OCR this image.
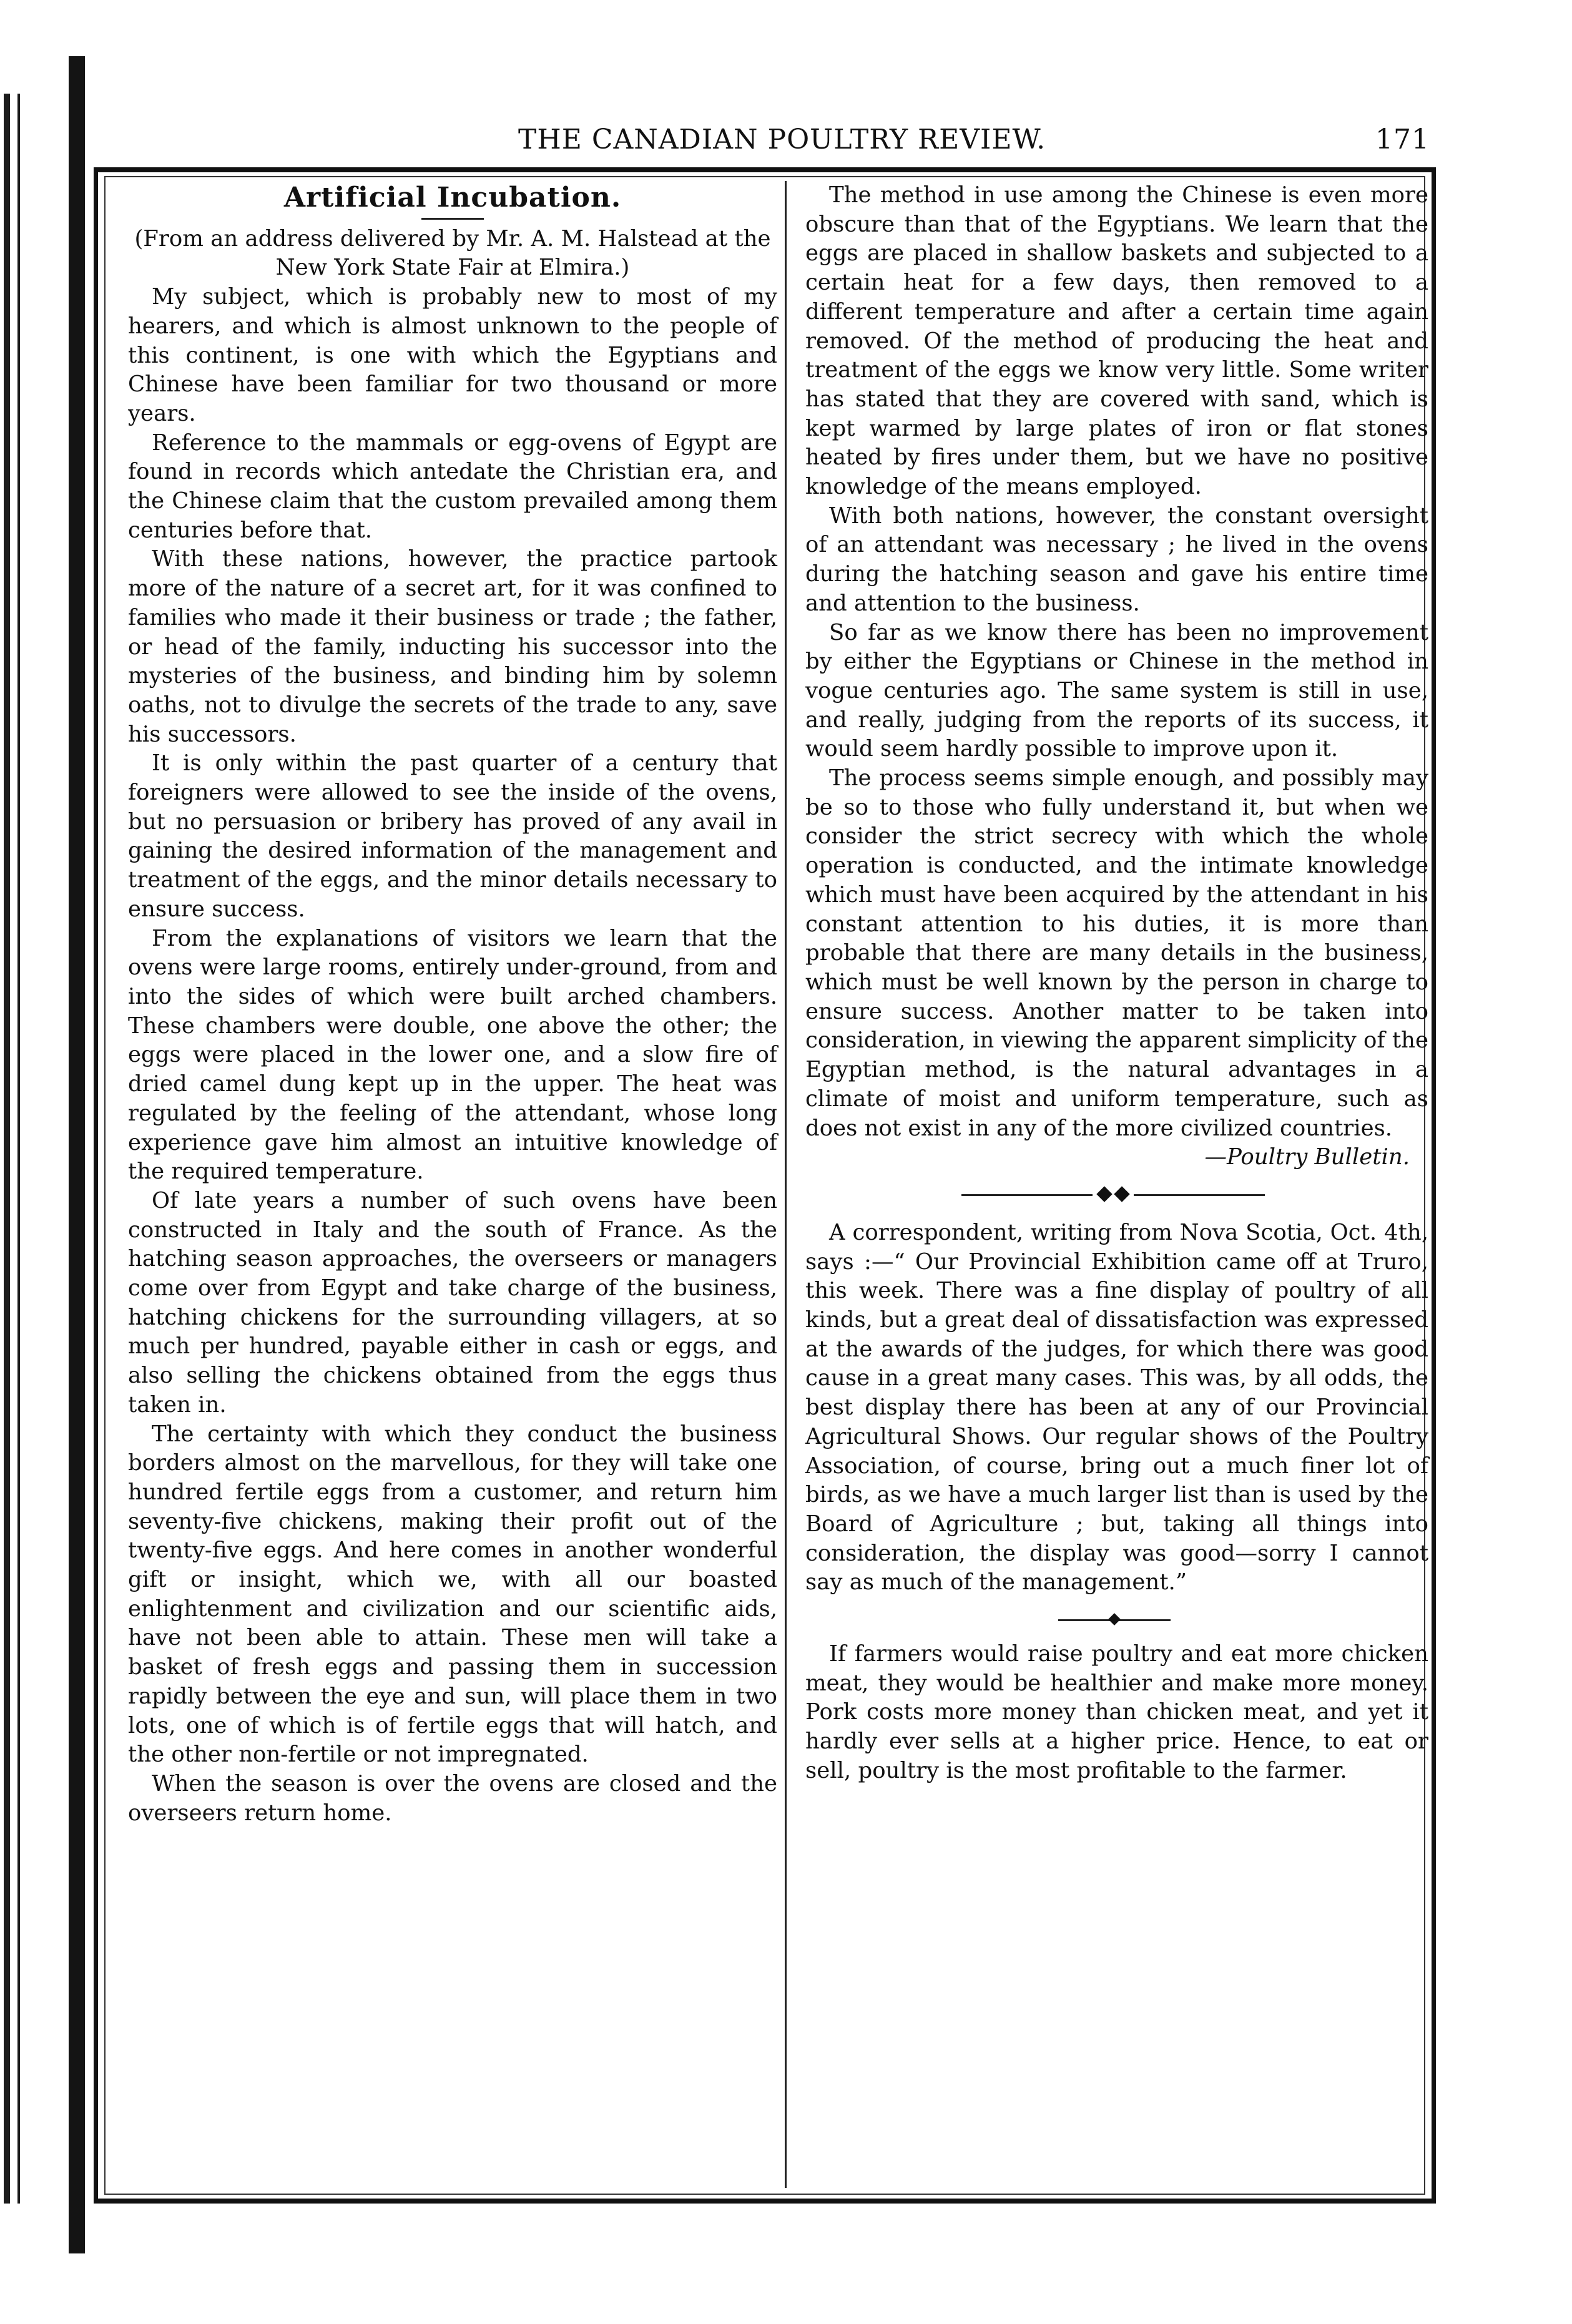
THE CANADIAN POULTRY REVIEW.	171
Artificial Incubation.

(From an address delivered by Mr. A. M. Halstead at the New York State Fair at Elmira.)

My subject, which is probably new to most of my hearers, and which is almost unknown to the people of this continent, is one with which the Egyptians and Chinese have been familiar for two thousand or more years.

Reference to the mammals or egg-ovens of Egypt are found in records which antedate the Christian era, and the Chinese claim that the custom prevailed among them centuries before that.

With these nations, however, the practice partook more of the nature of a secret art, for it was confined to families who made it their business or trade ; the father, or head of the family, inducting his successor into the mysteries of the business, and binding him by solemn oaths, not to divulge the secrets of the trade to any, save his successors.

It is only within the past quarter of a century that foreigners were allowed to see the inside of the ovens, but no persuasion or bribery has proved of any avail in gaining the desired information of the management and treatment of the eggs, and the minor details necessary to ensure success.

From the explanations of visitors we learn that the ovens were large rooms, entirely under-ground, from and into the sides of which were built arched chambers. These chambers were double, one above the other; the eggs were placed in the lower one, and a slow fire of dried camel dung kept up in the upper. The heat was regulated by the feeling of the attendant, whose long experience gave him almost an intuitive knowledge of the required temperature.

Of late years a number of such ovens have been constructed in Italy and the south of France. As the hatching season approaches, the overseers or managers come over from Egypt and take charge of the business, hatching chickens for the surrounding villagers, at so much per hundred, payable either in cash or eggs, and also selling the chickens obtained from the eggs thus taken in.

The certainty with which they conduct the business borders almost on the marvellous, for they will take one hundred fertile eggs from a customer, and return him seventy-five chickens, making their profit out of the twenty-five eggs. And here comes in another wonderful gift or insight, which we, with all our boasted enlightenment and civilization and our scientific aids, have not been able to attain. These men will take a basket of fresh eggs and passing them in succession rapidly between the eye and sun, will place them in two lots, one of which is of fertile eggs that will hatch, and the other non-fertile or not impregnated.

When the season is over the ovens are closed and the overseers return home.

The method in use among the Chinese is even more obscure than that of the Egyptians. We learn that the eggs are placed in shallow baskets and subjected to a certain heat for a few days, then removed to a different temperature and after a certain time again removed. Of the method of producing the heat and treatment of the eggs we know very little. Some writer has stated that they are covered with sand, which is kept warmed by large plates of iron or flat stones heated by fires under them, but we have no positive knowledge of the means employed.

With both nations, however, the constant oversight of an attendant was necessary ; he lived in the ovens during the hatching season and gave his entire time and attention to the business.

So far as we know there has been no improvement by either the Egyptians or Chinese in the method in vogue centuries ago. The same system is still in use, and really, judging from the reports of its success, it would seem hardly possible to improve upon it.

The process seems simple enough, and possibly may be so to those who fully understand it, but when we consider the strict secrecy with which the whole operation is conducted, and the intimate knowledge which must have been acquired by the attendant in his constant attention to his duties, it is more than probable that there are many details in the business, which must be well known by the person in charge to ensure success. Another matter to be taken into consideration, in viewing the apparent simplicity of the Egyptian method, is the natural advantages in a climate of moist and uniform temperature, such as does not exist in any of the more civilized countries.

—Poultry Bulletin.

A correspondent, writing from Nova Scotia, Oct. 4th, says :—“ Our Provincial Exhibition came off at Truro, this week. There was a fine display of poultry of all kinds, but a great deal of dissatisfaction was expressed at the awards of the judges, for which there was good cause in a great many cases. This was, by all odds, the best display there has been at any of our Provincial Agricultural Shows. Our regular shows of the Poultry Association, of course, bring out a much finer lot of birds, as we have a much larger list than is used by the Board of Agriculture ; but, taking all things into consideration, the display was good—sorry I cannot say as much of the management.”

If farmers would raise poultry and eat more chicken meat, they would be healthier and make more money. Pork costs more money than chicken meat, and yet it hardly ever sells at a higher price. Hence, to eat or sell, poultry is the most profitable to the farmer.
